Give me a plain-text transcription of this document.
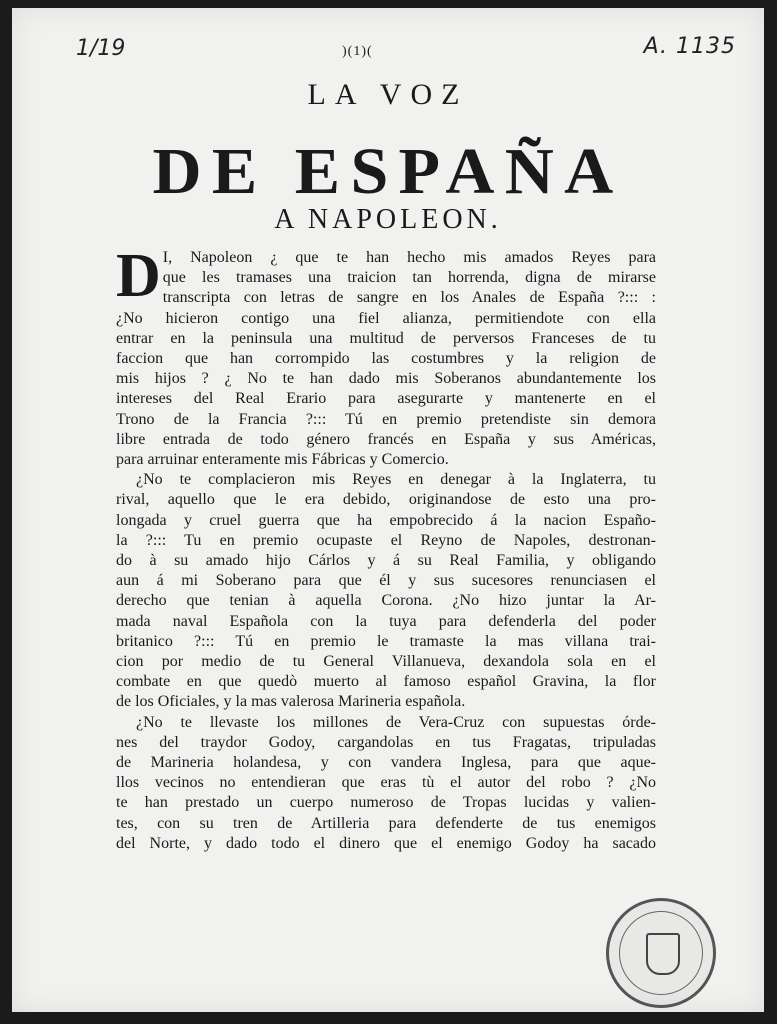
1/19	A. 1135
)(1)(
LA VOZ
DE ESPAÑA
A NAPOLEON.
D I, Napoleon ¿ que te han hecho mis amados Reyes para
que les tramases una traicion tan horrenda, digna de mirarse
transcripta con letras de sangre en los Anales de España ?::: :
¿No hicieron contigo una fiel alianza, permitiendote con ella
entrar en la peninsula una multitud de perversos Franceses de tu
faccion que han corrompido las costumbres y la religion de
mis hijos ? ¿ No te han dado mis Soberanos abundantemente los
intereses del Real Erario para asegurarte y mantenerte en el
Trono de la Francia ?::: Tú en premio pretendiste sin demora
libre entrada de todo género francés en España y sus Américas,
para arruinar enteramente mis Fábricas y Comercio.
¿No te complacieron mis Reyes en denegar à la Inglaterra, tu
rival, aquello que le era debido, originandose de esto una pro-
longada y cruel guerra que ha empobrecido á la nacion Españo-
la ?::: Tu en premio ocupaste el Reyno de Napoles, destronan-
do à su amado hijo Cárlos y á su Real Familia, y obligando
aun á mi Soberano para que él y sus sucesores renunciasen el
derecho que tenian à aquella Corona. ¿No hizo juntar la Ar-
mada naval Española con la tuya para defenderla del poder
britanico ?::: Tú en premio le tramaste la mas villana trai-
cion por medio de tu General Villanueva, dexandola sola en el
combate en que quedò muerto al famoso español Gravina, la flor
de los Oficiales, y la mas valerosa Marineria española.
¿No te llevaste los millones de Vera-Cruz con supuestas órde-
nes del traydor Godoy, cargandolas en tus Fragatas, tripuladas
de Marineria holandesa, y con vandera Inglesa, para que aque-
llos vecinos no entendieran que eras tù el autor del robo ? ¿No
te han prestado un cuerpo numeroso de Tropas lucidas y valien-
tes, con su tren de Artilleria para defenderte de tus enemigos
del Norte, y dado todo el dinero que el enemigo Godoy ha sacado
